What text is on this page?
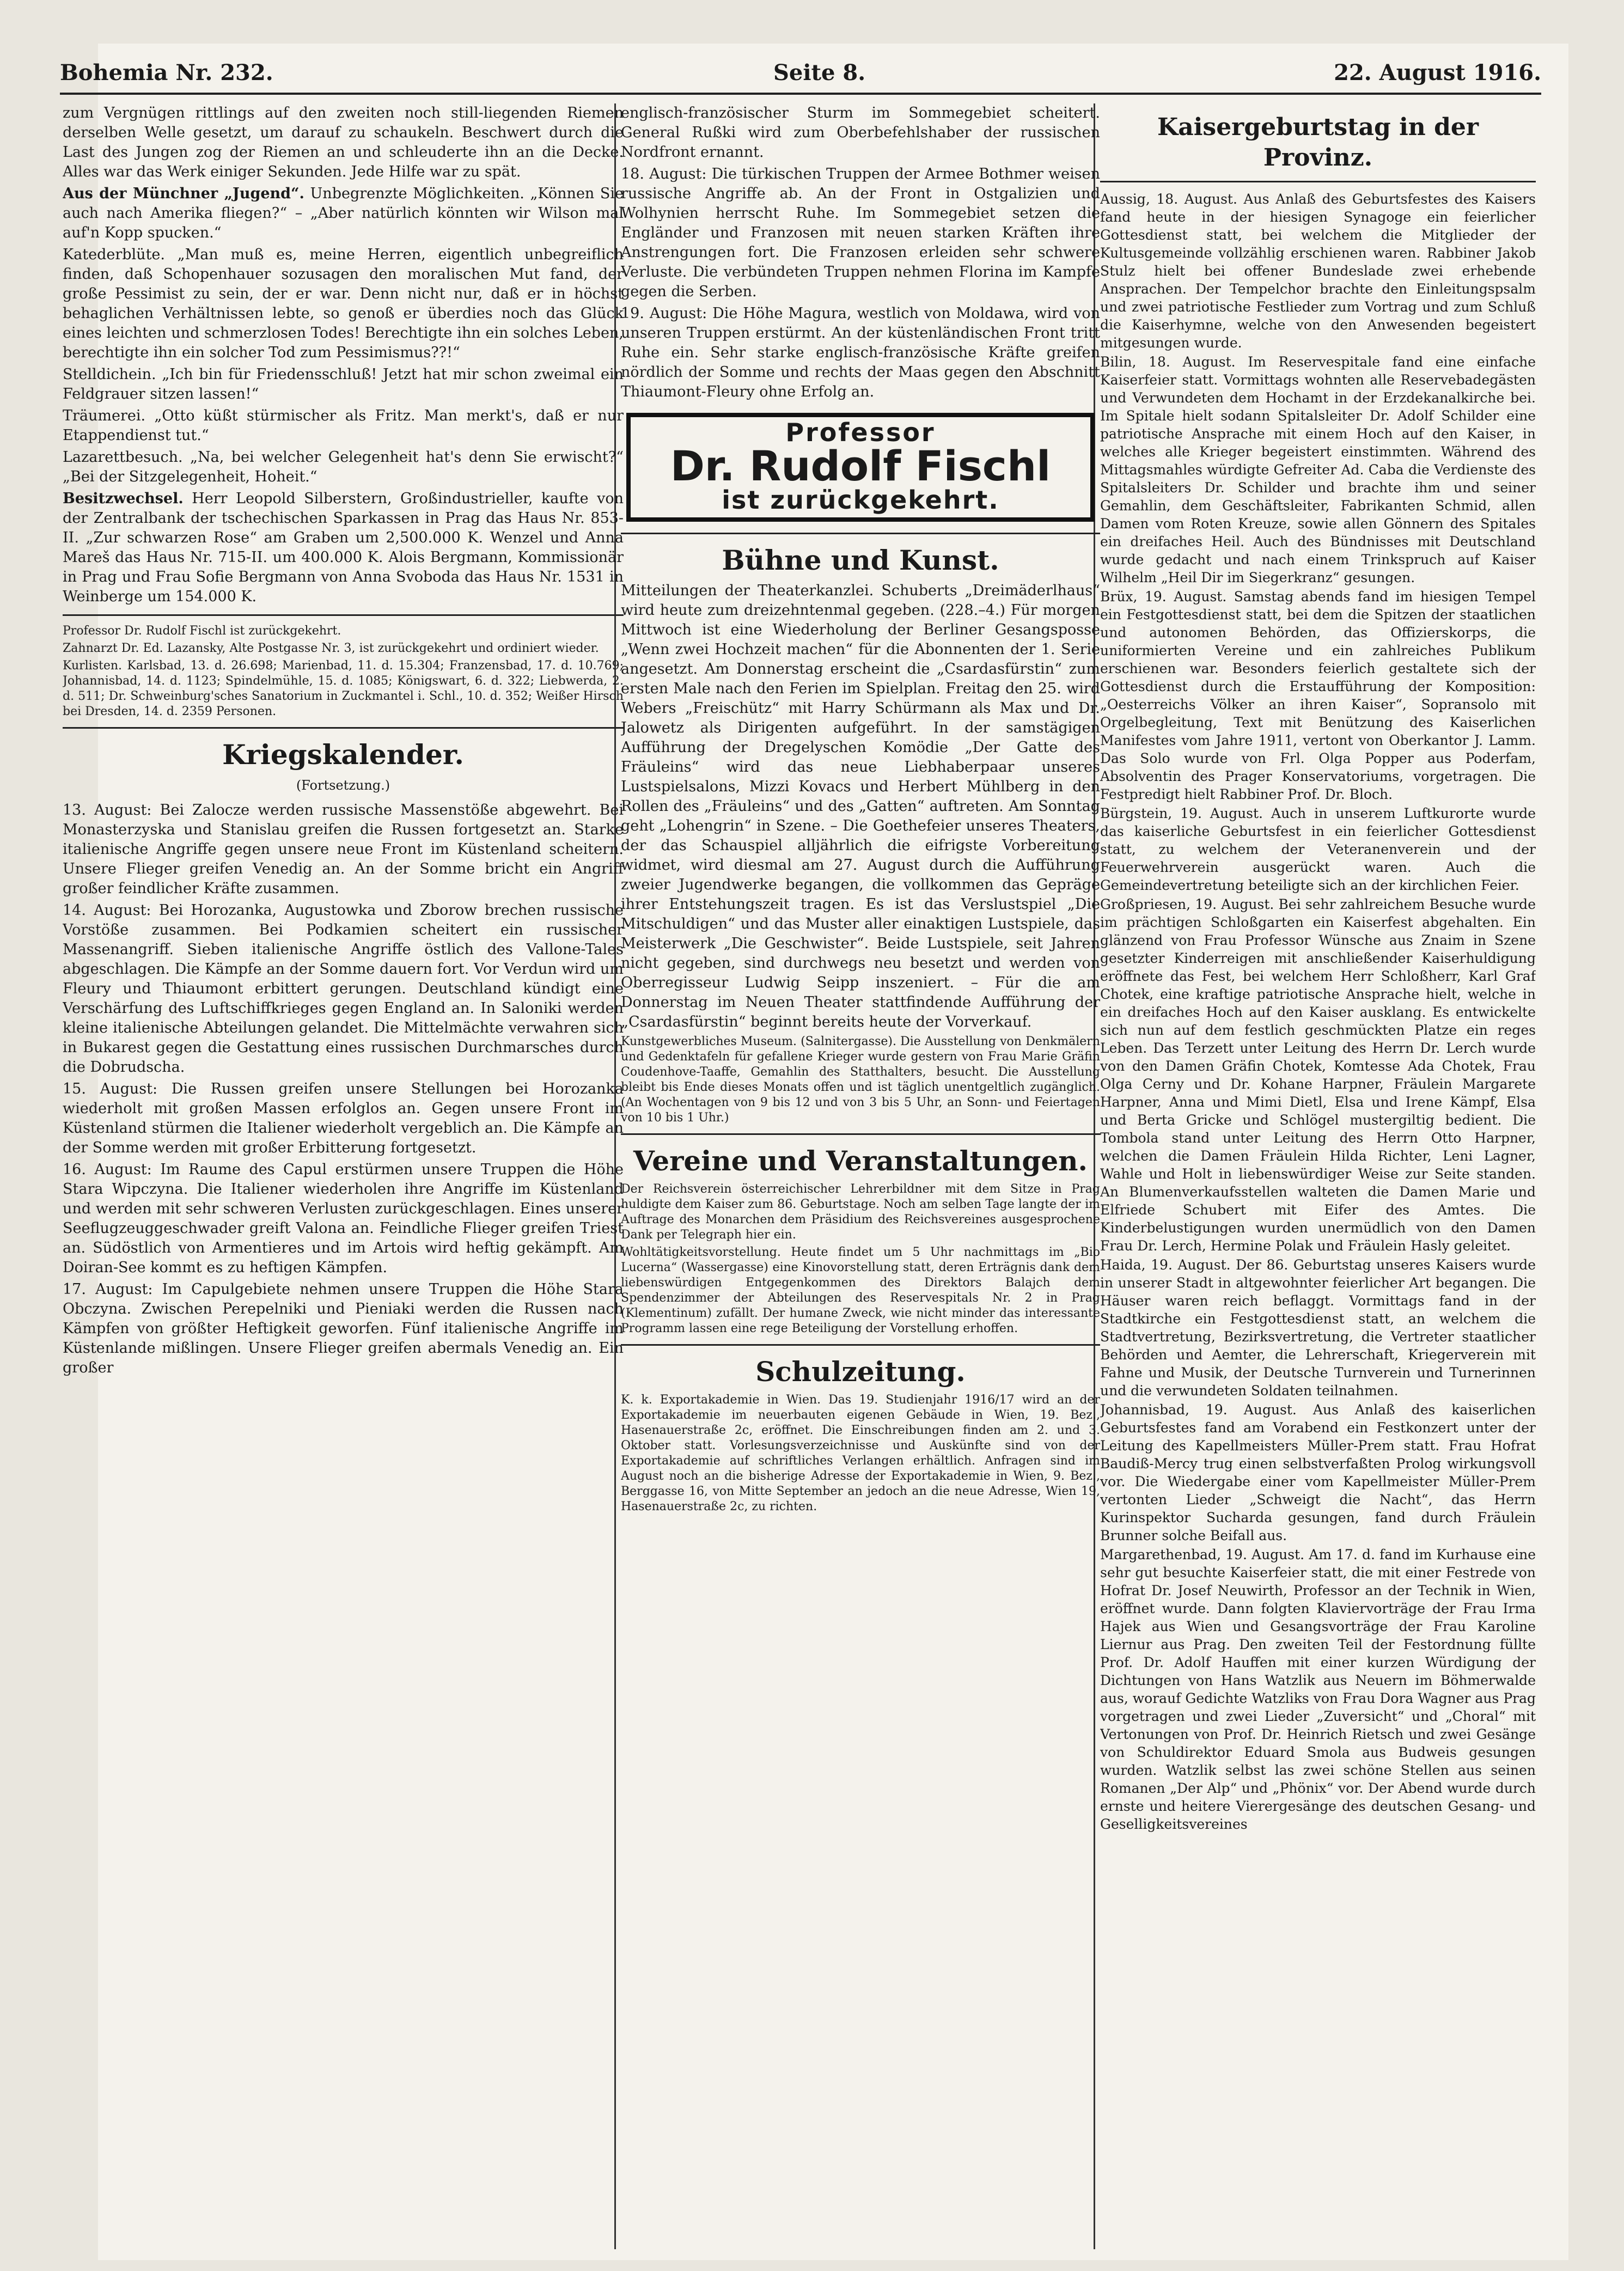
Bohemia Nr. 232.	Seite 8.	22. August 1916.

zum Vergnügen rittlings auf den zweiten noch still-liegenden Riemen derselben Welle gesetzt, um darauf zu schaukeln. Beschwert durch die Last des Jungen zog der Riemen an und schleuderte ihn an die Decke. Alles war das Werk einiger Sekunden. Jede Hilfe war zu spät.

Aus der Münchner „Jugend“. Unbegrenzte Möglichkeiten. „Können Sie auch nach Amerika fliegen?“ – „Aber natürlich könnten wir Wilson mal auf'n Kopp spucken.“

Katederblüte. „Man muß es, meine Herren, eigentlich unbegreiflich finden, daß Schopenhauer sozusagen den moralischen Mut fand, der große Pessimist zu sein, der er war. Denn nicht nur, daß er in höchst behaglichen Verhältnissen lebte, so genoß er überdies noch das Glück eines leichten und schmerzlosen Todes! Berechtigte ihn ein solches Leben, berechtigte ihn ein solcher Tod zum Pessimismus??!“

Stelldichein. „Ich bin für Friedensschluß! Jetzt hat mir schon zweimal ein Feldgrauer sitzen lassen!“

Träumerei. „Otto küßt stürmischer als Fritz. Man merkt's, daß er nur Etappendienst tut.“

Lazarettbesuch. „Na, bei welcher Gelegenheit hat's denn Sie erwischt?“ „Bei der Sitzgelegenheit, Hoheit.“

Besitzwechsel. Herr Leopold Silberstern, Großindustrieller, kaufte von der Zentralbank der tschechischen Sparkassen in Prag das Haus Nr. 853-II. „Zur schwarzen Rose“ am Graben um 2,500.000 K. Wenzel und Anna Mareš das Haus Nr. 715-II. um 400.000 K. Alois Bergmann, Kommissionär in Prag und Frau Sofie Bergmann von Anna Svoboda das Haus Nr. 1531 in Weinberge um 154.000 K.

Professor Dr. Rudolf Fischl ist zurückgekehrt.

Zahnarzt Dr. Ed. Lazansky, Alte Postgasse Nr. 3, ist zurückgekehrt und ordiniert wieder.

Kurlisten. Karlsbad, 13. d. 26.698; Marienbad, 11. d. 15.304; Franzensbad, 17. d. 10.769; Johannisbad, 14. d. 1123; Spindelmühle, 15. d. 1085; Königswart, 6. d. 322; Liebwerda, 2. d. 511; Dr. Schweinburg'sches Sanatorium in Zuckmantel i. Schl., 10. d. 352; Weißer Hirsch bei Dresden, 14. d. 2359 Personen.

Kriegskalender.
(Fortsetzung.)

13. August: Bei Zalocze werden russische Massenstöße abgewehrt. Bei Monasterzyska und Stanislau greifen die Russen fortgesetzt an. Starke italienische Angriffe gegen unsere neue Front im Küstenland scheitern. Unsere Flieger greifen Venedig an. An der Somme bricht ein Angriff großer feindlicher Kräfte zusammen.

14. August: Bei Horozanka, Augustowka und Zborow brechen russische Vorstöße zusammen. Bei Podkamien scheitert ein russischer Massenangriff. Sieben italienische Angriffe östlich des Vallone-Tales abgeschlagen. Die Kämpfe an der Somme dauern fort. Vor Verdun wird um Fleury und Thiaumont erbittert gerungen. Deutschland kündigt eine Verschärfung des Luftschiffkrieges gegen England an. In Saloniki werden kleine italienische Abteilungen gelandet. Die Mittelmächte verwahren sich in Bukarest gegen die Gestattung eines russischen Durchmarsches durch die Dobrudscha.

15. August: Die Russen greifen unsere Stellungen bei Horozanka wiederholt mit großen Massen erfolglos an. Gegen unsere Front im Küstenland stürmen die Italiener wiederholt vergeblich an. Die Kämpfe an der Somme werden mit großer Erbitterung fortgesetzt.

16. August: Im Raume des Capul erstürmen unsere Truppen die Höhe Stara Wipczyna. Die Italiener wiederholen ihre Angriffe im Küstenland und werden mit sehr schweren Verlusten zurückgeschlagen. Eines unserer Seeflugzeuggeschwader greift Valona an. Feindliche Flieger greifen Triest an. Südöstlich von Armentieres und im Artois wird heftig gekämpft. Am Doiran-See kommt es zu heftigen Kämpfen.

17. August: Im Capulgebiete nehmen unsere Truppen die Höhe Stara Obczyna. Zwischen Perepelniki und Pieniaki werden die Russen nach Kämpfen von größter Heftigkeit geworfen. Fünf italienische Angriffe im Küstenlande mißlingen. Unsere Flieger greifen abermals Venedig an. Ein großer

englisch-französischer Sturm im Sommegebiet scheitert. General Rußki wird zum Oberbefehlshaber der russischen Nordfront ernannt.

18. August: Die türkischen Truppen der Armee Bothmer weisen russische Angriffe ab. An der Front in Ostgalizien und Wolhynien herrscht Ruhe. Im Sommegebiet setzen die Engländer und Franzosen mit neuen starken Kräften ihre Anstrengungen fort. Die Franzosen erleiden sehr schwere Verluste. Die verbündeten Truppen nehmen Florina im Kampfe gegen die Serben.

19. August: Die Höhe Magura, westlich von Moldawa, wird von unseren Truppen erstürmt. An der küstenländischen Front tritt Ruhe ein. Sehr starke englisch-französische Kräfte greifen nördlich der Somme und rechts der Maas gegen den Abschnitt Thiaumont-Fleury ohne Erfolg an.

Professor
Dr. Rudolf Fischl
ist zurückgekehrt.
Bühne und Kunst.

Mitteilungen der Theaterkanzlei. Schuberts „Dreimäderlhaus“ wird heute zum dreizehntenmal gegeben. (228.–4.) Für morgen Mittwoch ist eine Wiederholung der Berliner Gesangsposse „Wenn zwei Hochzeit machen“ für die Abonnenten der 1. Serie angesetzt. Am Donnerstag erscheint die „Csardasfürstin“ zum ersten Male nach den Ferien im Spielplan. Freitag den 25. wird Webers „Freischütz“ mit Harry Schürmann als Max und Dr. Jalowetz als Dirigenten aufgeführt. In der samstägigen Aufführung der Dregelyschen Komödie „Der Gatte des Fräuleins“ wird das neue Liebhaberpaar unseres Lustspielsalons, Mizzi Kovacs und Herbert Mühlberg in den Rollen des „Fräuleins“ und des „Gatten“ auftreten. Am Sonntag geht „Lohengrin“ in Szene. – Die Goethefeier unseres Theaters, der das Schauspiel alljährlich die eifrigste Vorbereitung widmet, wird diesmal am 27. August durch die Aufführung zweier Jugendwerke begangen, die vollkommen das Gepräge ihrer Entstehungszeit tragen. Es ist das Verslustspiel „Die Mitschuldigen“ und das Muster aller einaktigen Lustspiele, das Meisterwerk „Die Geschwister“. Beide Lustspiele, seit Jahren nicht gegeben, sind durchwegs neu besetzt und werden von Oberregisseur Ludwig Seipp inszeniert. – Für die am Donnerstag im Neuen Theater stattfindende Aufführung der „Csardasfürstin“ beginnt bereits heute der Vorverkauf.

Kunstgewerbliches Museum. (Salnitergasse). Die Ausstellung von Denkmälern und Gedenktafeln für gefallene Krieger wurde gestern von Frau Marie Gräfin Coudenhove-Taaffe, Gemahlin des Statthalters, besucht. Die Ausstellung bleibt bis Ende dieses Monats offen und ist täglich unentgeltlich zugänglich. (An Wochentagen von 9 bis 12 und von 3 bis 5 Uhr, an Sonn- und Feiertagen von 10 bis 1 Uhr.)

Vereine und Veranstaltungen.

Der Reichsverein österreichischer Lehrerbildner mit dem Sitze in Prag huldigte dem Kaiser zum 86. Geburtstage. Noch am selben Tage langte der im Auftrage des Monarchen dem Präsidium des Reichsvereines ausgesprochene Dank per Telegraph hier ein.

Wohltätigkeitsvorstellung. Heute findet um 5 Uhr nachmittags im „Bio Lucerna“ (Wassergasse) eine Kinovorstellung statt, deren Erträgnis dank dem liebenswürdigen Entgegenkommen des Direktors Balajch dem Spendenzimmer der Abteilungen des Reservespitals Nr. 2 in Prag (Klementinum) zufällt. Der humane Zweck, wie nicht minder das interessante Programm lassen eine rege Beteiligung der Vorstellung erhoffen.

Schulzeitung.

K. k. Exportakademie in Wien. Das 19. Studienjahr 1916/17 wird an der Exportakademie im neuerbauten eigenen Gebäude in Wien, 19. Bez., Hasenauerstraße 2c, eröffnet. Die Einschreibungen finden am 2. und 3. Oktober statt. Vorlesungsverzeichnisse und Auskünfte sind von der Exportakademie auf schriftliches Verlangen erhältlich. Anfragen sind im August noch an die bisherige Adresse der Exportakademie in Wien, 9. Bez., Berggasse 16, von Mitte September an jedoch an die neue Adresse, Wien 19, Hasenauerstraße 2c, zu richten.

Kaisergeburtstag in der Provinz.

Aussig, 18. August. Aus Anlaß des Geburtsfestes des Kaisers fand heute in der hiesigen Synagoge ein feierlicher Gottesdienst statt, bei welchem die Mitglieder der Kultusgemeinde vollzählig erschienen waren. Rabbiner Jakob Stulz hielt bei offener Bundeslade zwei erhebende Ansprachen. Der Tempelchor brachte den Einleitungspsalm und zwei patriotische Festlieder zum Vortrag und zum Schluß die Kaiserhymne, welche von den Anwesenden begeistert mitgesungen wurde.

Bilin, 18. August. Im Reservespitale fand eine einfache Kaiserfeier statt. Vormittags wohnten alle Reservebadegästen und Verwundeten dem Hochamt in der Erzdekanalkirche bei. Im Spitale hielt sodann Spitalsleiter Dr. Adolf Schilder eine patriotische Ansprache mit einem Hoch auf den Kaiser, in welches alle Krieger begeistert einstimmten. Während des Mittagsmahles würdigte Gefreiter Ad. Caba die Verdienste des Spitalsleiters Dr. Schilder und brachte ihm und seiner Gemahlin, dem Geschäftsleiter, Fabrikanten Schmid, allen Damen vom Roten Kreuze, sowie allen Gönnern des Spitales ein dreifaches Heil. Auch des Bündnisses mit Deutschland wurde gedacht und nach einem Trinkspruch auf Kaiser Wilhelm „Heil Dir im Siegerkranz“ gesungen.

Brüx, 19. August. Samstag abends fand im hiesigen Tempel ein Festgottesdienst statt, bei dem die Spitzen der staatlichen und autonomen Behörden, das Offizierskorps, die uniformierten Vereine und ein zahlreiches Publikum erschienen war. Besonders feierlich gestaltete sich der Gottesdienst durch die Erstaufführung der Komposition: „Oesterreichs Völker an ihren Kaiser“, Sopransolo mit Orgelbegleitung, Text mit Benützung des Kaiserlichen Manifestes vom Jahre 1911, vertont von Oberkantor J. Lamm. Das Solo wurde von Frl. Olga Popper aus Poderfam, Absolventin des Prager Konservatoriums, vorgetragen. Die Festpredigt hielt Rabbiner Prof. Dr. Bloch.

Bürgstein, 19. August. Auch in unserem Luftkurorte wurde das kaiserliche Geburtsfest in ein feierlicher Gottesdienst statt, zu welchem der Veteranenverein und der Feuerwehrverein ausgerückt waren. Auch die Gemeindevertretung beteiligte sich an der kirchlichen Feier.

Großpriesen, 19. August. Bei sehr zahlreichem Besuche wurde im prächtigen Schloßgarten ein Kaiserfest abgehalten. Ein glänzend von Frau Professor Wünsche aus Znaim in Szene gesetzter Kinderreigen mit anschließender Kaiserhuldigung eröffnete das Fest, bei welchem Herr Schloßherr, Karl Graf Chotek, eine kraftige patriotische Ansprache hielt, welche in ein dreifaches Hoch auf den Kaiser ausklang. Es entwickelte sich nun auf dem festlich geschmückten Platze ein reges Leben. Das Terzett unter Leitung des Herrn Dr. Lerch wurde von den Damen Gräfin Chotek, Komtesse Ada Chotek, Frau Olga Cerny und Dr. Kohane Harpner, Fräulein Margarete Harpner, Anna und Mimi Dietl, Elsa und Irene Kämpf, Elsa und Berta Gricke und Schlögel mustergiltig bedient. Die Tombola stand unter Leitung des Herrn Otto Harpner, welchen die Damen Fräulein Hilda Richter, Leni Lagner, Wahle und Holt in liebenswürdiger Weise zur Seite standen. An Blumenverkaufsstellen walteten die Damen Marie und Elfriede Schubert mit Eifer des Amtes. Die Kinderbelustigungen wurden unermüdlich von den Damen Frau Dr. Lerch, Hermine Polak und Fräulein Hasly geleitet.

Haida, 19. August. Der 86. Geburtstag unseres Kaisers wurde in unserer Stadt in altgewohnter feierlicher Art begangen. Die Häuser waren reich beflaggt. Vormittags fand in der Stadtkirche ein Festgottesdienst statt, an welchem die Stadtvertretung, Bezirksvertretung, die Vertreter staatlicher Behörden und Aemter, die Lehrerschaft, Kriegerverein mit Fahne und Musik, der Deutsche Turnverein und Turnerinnen und die verwundeten Soldaten teilnahmen.

Johannisbad, 19. August. Aus Anlaß des kaiserlichen Geburtsfestes fand am Vorabend ein Festkonzert unter der Leitung des Kapellmeisters Müller-Prem statt. Frau Hofrat Baudiß-Mercy trug einen selbstverfaßten Prolog wirkungsvoll vor. Die Wiedergabe einer vom Kapellmeister Müller-Prem vertonten Lieder „Schweigt die Nacht“, das Herrn Kurinspektor Sucharda gesungen, fand durch Fräulein Brunner solche Beifall aus.

Margarethenbad, 19. August. Am 17. d. fand im Kurhause eine sehr gut besuchte Kaiserfeier statt, die mit einer Festrede von Hofrat Dr. Josef Neuwirth, Professor an der Technik in Wien, eröffnet wurde. Dann folgten Klaviervorträge der Frau Irma Hajek aus Wien und Gesangsvorträge der Frau Karoline Liernur aus Prag. Den zweiten Teil der Festordnung füllte Prof. Dr. Adolf Hauffen mit einer kurzen Würdigung der Dichtungen von Hans Watzlik aus Neuern im Böhmerwalde aus, worauf Gedichte Watzliks von Frau Dora Wagner aus Prag vorgetragen und zwei Lieder „Zuversicht“ und „Choral“ mit Vertonungen von Prof. Dr. Heinrich Rietsch und zwei Gesänge von Schuldirektor Eduard Smola aus Budweis gesungen wurden. Watzlik selbst las zwei schöne Stellen aus seinen Romanen „Der Alp“ und „Phönix“ vor. Der Abend wurde durch ernste und heitere Vierergesänge des deutschen Gesang- und Geselligkeitsvereines
